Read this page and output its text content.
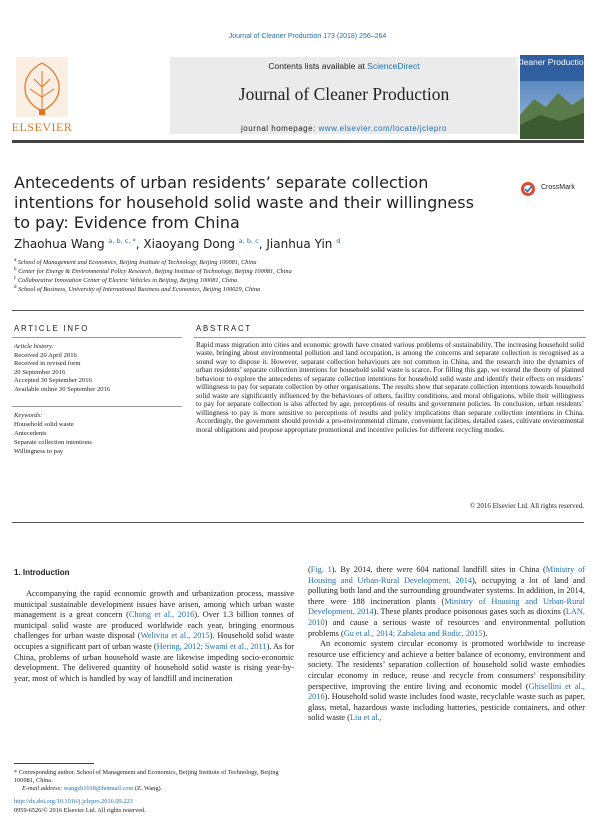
Journal of Cleaner Production 173 (2018) 256–264
ELSEVIER
Contents lists available at ScienceDirect
Journal of Cleaner Production
journal homepage: www.elsevier.com/locate/jclepro
Cleaner Production
Antecedents of urban residents’ separate collection intentions for household solid waste and their willingness to pay: Evidence from China
CrossMark
Zhaohua Wang $^{a, b, c, *}$, Xiaoyang Dong $^{a, b, c}$, Jianhua Yin $^d$
$^a$ School of Management and Economics, Beijing Institute of Technology, Beijing 100081, China
$^b$ Center for Energy & Environmental Policy Research, Beijing Institute of Technology, Beijing 100081, China
$^c$ Collaborative Innovation Center of Electric Vehicles in Beijing, Beijing 100081, China
$^d$ School of Business, University of International Business and Economics, Beijing 100029, China
ARTICLE INFO
Article history:
Received 20 April 2016
Received in revised form
20 September 2016
Accepted 30 September 2016
Available online 30 September 2016
Keywords:
Household solid waste
Antecedents
Separate collection intentions
Willingness to pay
ABSTRACT
Rapid mass migration into cities and economic growth have created various problems of sustainability. The increasing household solid waste, bringing about environmental pollution and land occupation, is among the concerns and separate collection is recognised as a sound way to dispose it. However, separate collection behaviours are not common in China, and the research into the dynamics of urban residents’ separate collection intentions for household solid waste is scarce. For filling this gap, we extend the theory of planned behaviour to explore the antecedents of separate collection intentions for household solid waste and identify their effects on residents’ willingness to pay for separate collection by other organisations. The results show that separate collection intentions towards household solid waste are significantly influenced by the behaviours of others, facility conditions, and moral obligations, while their willingness to pay for separate collection is also affected by age, perceptions of results and government policies. In conclusion, urban residents’ willingness to pay is more sensitive to perceptions of results and policy implications than separate collection intentions in China. Accordingly, the government should provide a pro-environmental climate, convenient facilities, detailed cases, cultivate environmental moral obligations and propose appropriate promotional and incentive policies for different recycling modes.
© 2016 Elsevier Ltd. All rights reserved.
1. Introduction

Accompanying the rapid economic growth and urbanization process, massive municipal sustainable development issues have arisen, among which urban waste management is a great concern (Chong et al., 2016). Over 1.3 billion tonnes of municipal solid waste are produced worldwide each year, bringing enormous challenges for urban waste disposal (Welivita et al., 2015). Household solid waste occupies a significant part of urban waste (Hering, 2012; Swami et al., 2011). As for China, problems of urban household waste are likewise impeding socio-economic development. The delivered quantity of household solid waste is rising year-by-year, most of which is handled by way of landfill and incineration

(Fig. 1). By 2014, there were 604 national landfill sites in China (Ministry of Housing and Urban-Rural Development, 2014), occupying a lot of land and polluting both land and the surrounding groundwater systems. In addition, in 2014, there were 188 incineration plants (Ministry of Housing and Urban-Rural Development, 2014). These plants produce poisonous gases such as dioxins (LAN, 2010) and cause a serious waste of resources and environmental pollution problems (Gu et al., 2014; Zabaleta and Rodic, 2015).

An economic system circular economy is promoted worldwide to increase resource use efficiency and achieve a better balance of economy, environment and society. The residents’ separation collection of household solid waste embodies circular economy in reduce, reuse and recycle from consumers’ responsibility perspective, improving the entire living and economic model (Ghisellini et al., 2016). Household solid waste includes food waste, recyclable waste such as paper, glass, metal, hazardous waste including batteries, pesticide containers, and other solid waste (Liu et al.,

* Corresponding author. School of Management and Economics, Beijing Institute of Technology, Beijing 100081, China.
E-mail address: wangzh1018@hotmail.com (Z. Wang).
http://dx.doi.org/10.1016/j.jclepro.2016.09.223
0959-6526/© 2016 Elsevier Ltd. All rights reserved.
